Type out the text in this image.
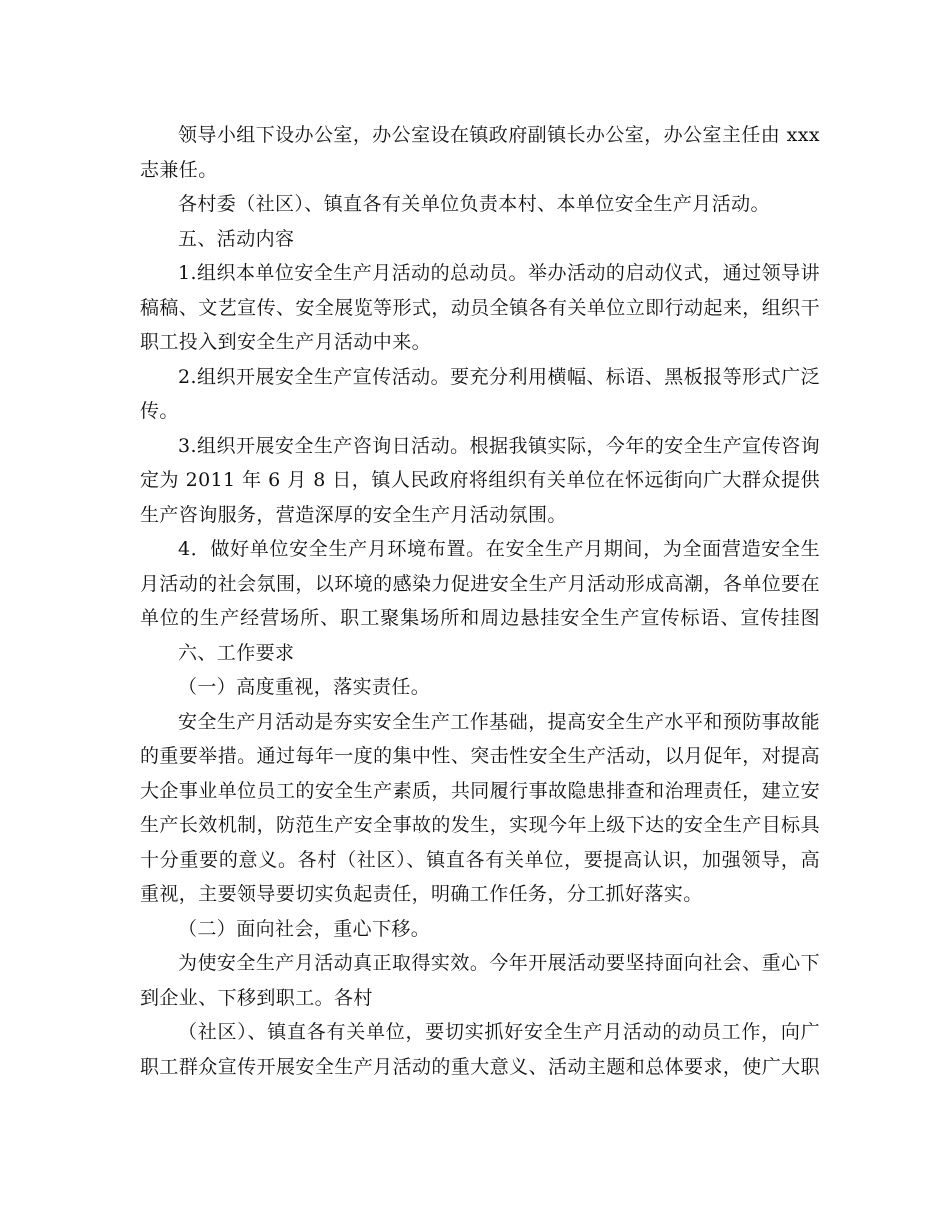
领导小组下设办公室，办公室设在镇政府副镇长办公室，办公室主任由 xxx
志兼任。
各村委（社区）、镇直各有关单位负责本村、本单位安全生产月活动。
五、活动内容
1.组织本单位安全生产月活动的总动员。举办活动的启动仪式，通过领导讲
稿稿、文艺宣传、安全展览等形式，动员全镇各有关单位立即行动起来，组织干
职工投入到安全生产月活动中来。
2.组织开展安全生产宣传活动。要充分利用横幅、标语、黑板报等形式广泛
传。
3.组织开展安全生产咨询日活动。根据我镇实际，今年的安全生产宣传咨询
定为 2011 年 6 月 8 日，镇人民政府将组织有关单位在怀远街向广大群众提供
生产咨询服务，营造深厚的安全生产月活动氛围。
4．做好单位安全生产月环境布置。在安全生产月期间，为全面营造安全生
月活动的社会氛围，以环境的感染力促进安全生产月活动形成高潮，各单位要在
单位的生产经营场所、职工聚集场所和周边悬挂安全生产宣传标语、宣传挂图
六、工作要求
（一）高度重视，落实责任。
安全生产月活动是夯实安全生产工作基础，提高安全生产水平和预防事故能
的重要举措。通过每年一度的集中性、突击性安全生产活动，以月促年，对提高
大企事业单位员工的安全生产素质，共同履行事故隐患排查和治理责任，建立安
生产长效机制，防范生产安全事故的发生，实现今年上级下达的安全生产目标具
十分重要的意义。各村（社区）、镇直各有关单位，要提高认识，加强领导，高
重视，主要领导要切实负起责任，明确工作任务，分工抓好落实。
（二）面向社会，重心下移。
为使安全生产月活动真正取得实效。今年开展活动要坚持面向社会、重心下
到企业、下移到职工。各村
（社区）、镇直各有关单位，要切实抓好安全生产月活动的动员工作，向广
职工群众宣传开展安全生产月活动的重大意义、活动主题和总体要求，使广大职
